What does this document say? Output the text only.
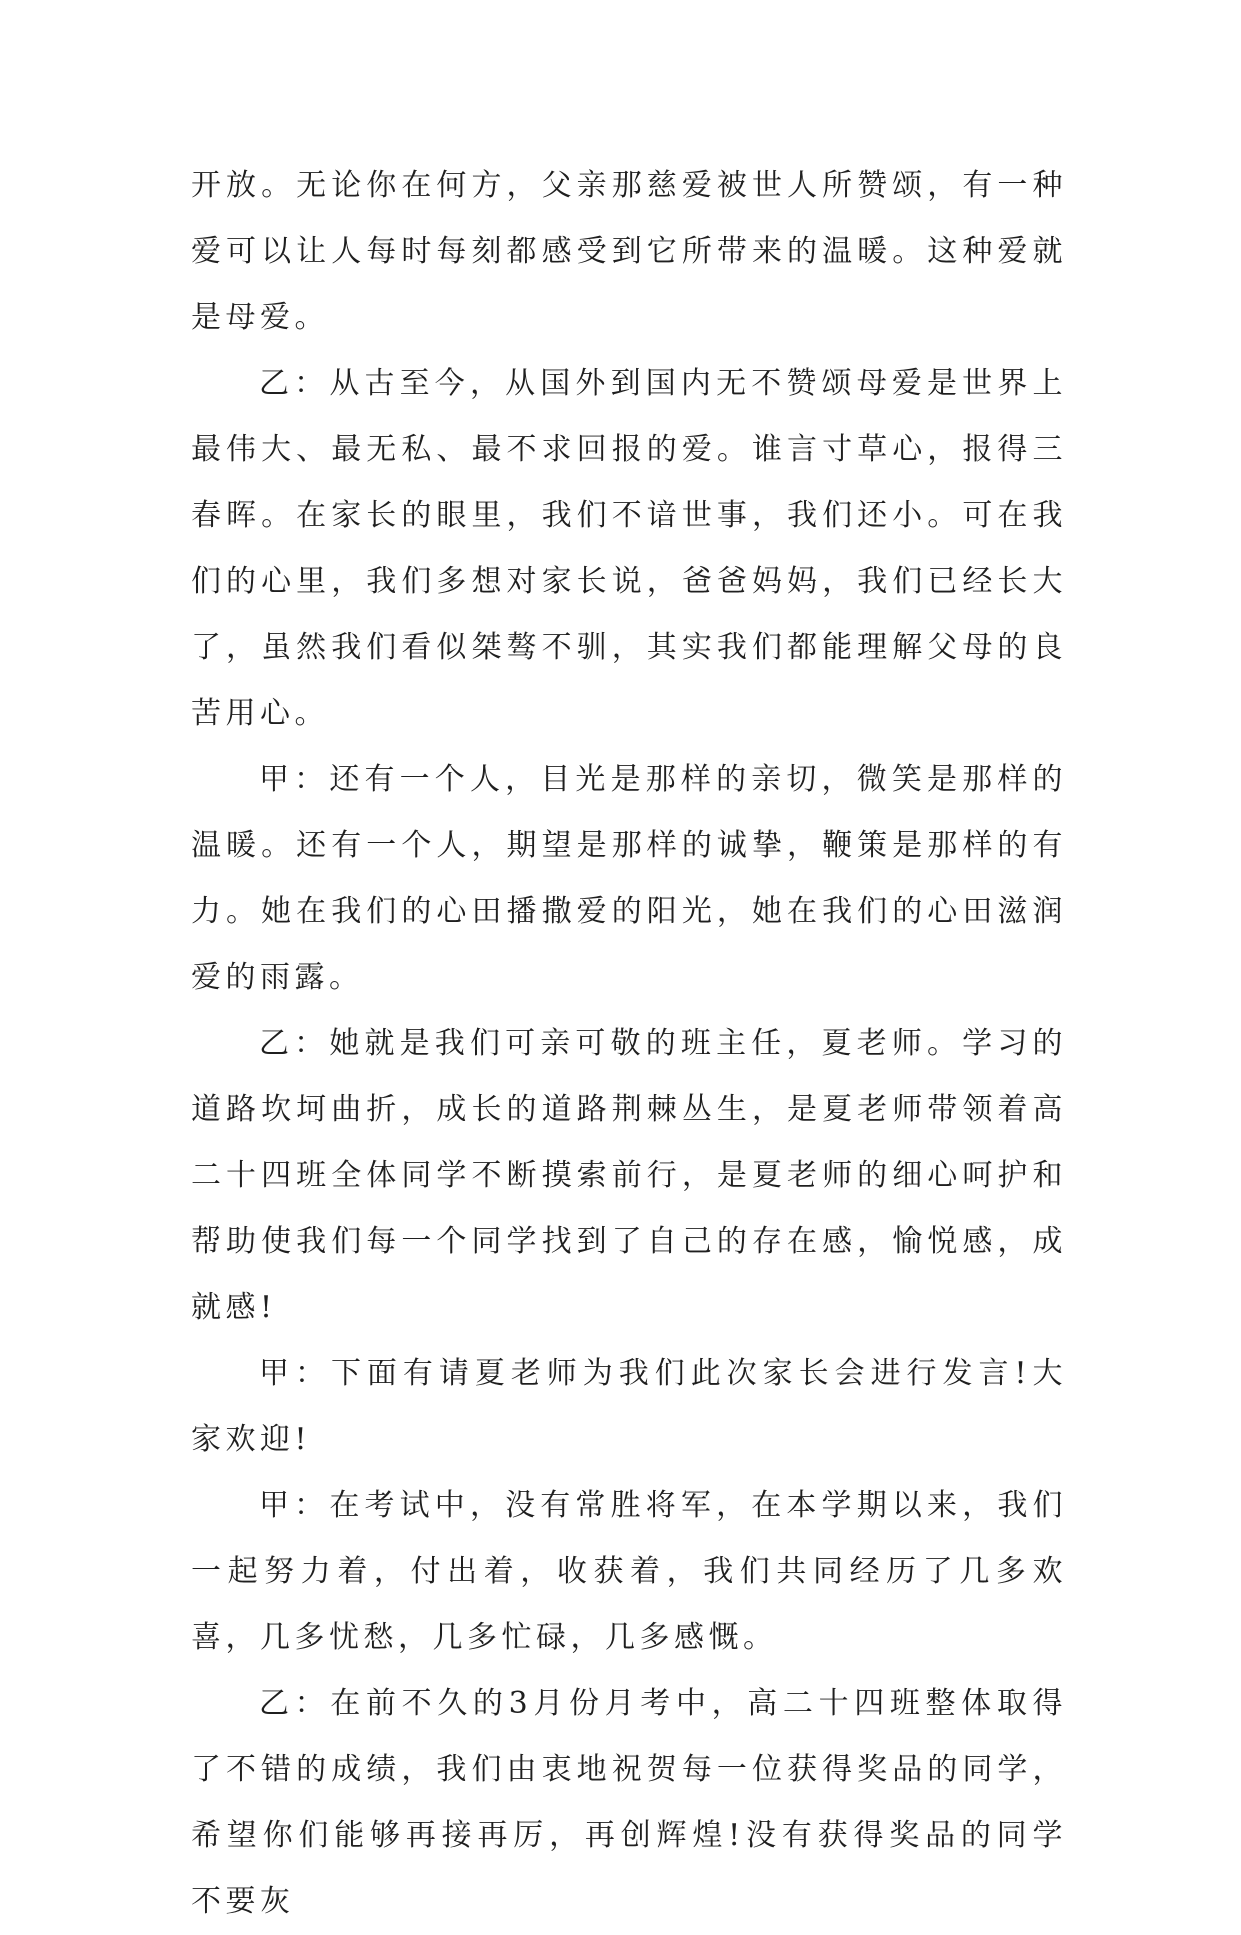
开放。无论你在何方，父亲那慈爱被世人所赞颂，有一种爱可以让人每时每刻都感受到它所带来的温暖。这种爱就是母爱。

乙：从古至今，从国外到国内无不赞颂母爱是世界上最伟大、最无私、最不求回报的爱。谁言寸草心，报得三春晖。在家长的眼里，我们不谙世事，我们还小。可在我们的心里，我们多想对家长说，爸爸妈妈，我们已经长大了，虽然我们看似桀骜不驯，其实我们都能理解父母的良苦用心。

甲：还有一个人，目光是那样的亲切，微笑是那样的温暖。还有一个人，期望是那样的诚挚，鞭策是那样的有力。她在我们的心田播撒爱的阳光，她在我们的心田滋润爱的雨露。

乙：她就是我们可亲可敬的班主任，夏老师。学习的道路坎坷曲折，成长的道路荆棘丛生，是夏老师带领着高二十四班全体同学不断摸索前行，是夏老师的细心呵护和帮助使我们每一个同学找到了自己的存在感，愉悦感，成就感!

甲：下面有请夏老师为我们此次家长会进行发言!大家欢迎!

甲：在考试中，没有常胜将军，在本学期以来，我们一起努力着，付出着，收获着，我们共同经历了几多欢喜，几多忧愁，几多忙碌，几多感慨。

乙：在前不久的3月份月考中，高二十四班整体取得了不错的成绩，我们由衷地祝贺每一位获得奖品的同学，希望你们能够再接再厉，再创辉煌!没有获得奖品的同学不要灰
